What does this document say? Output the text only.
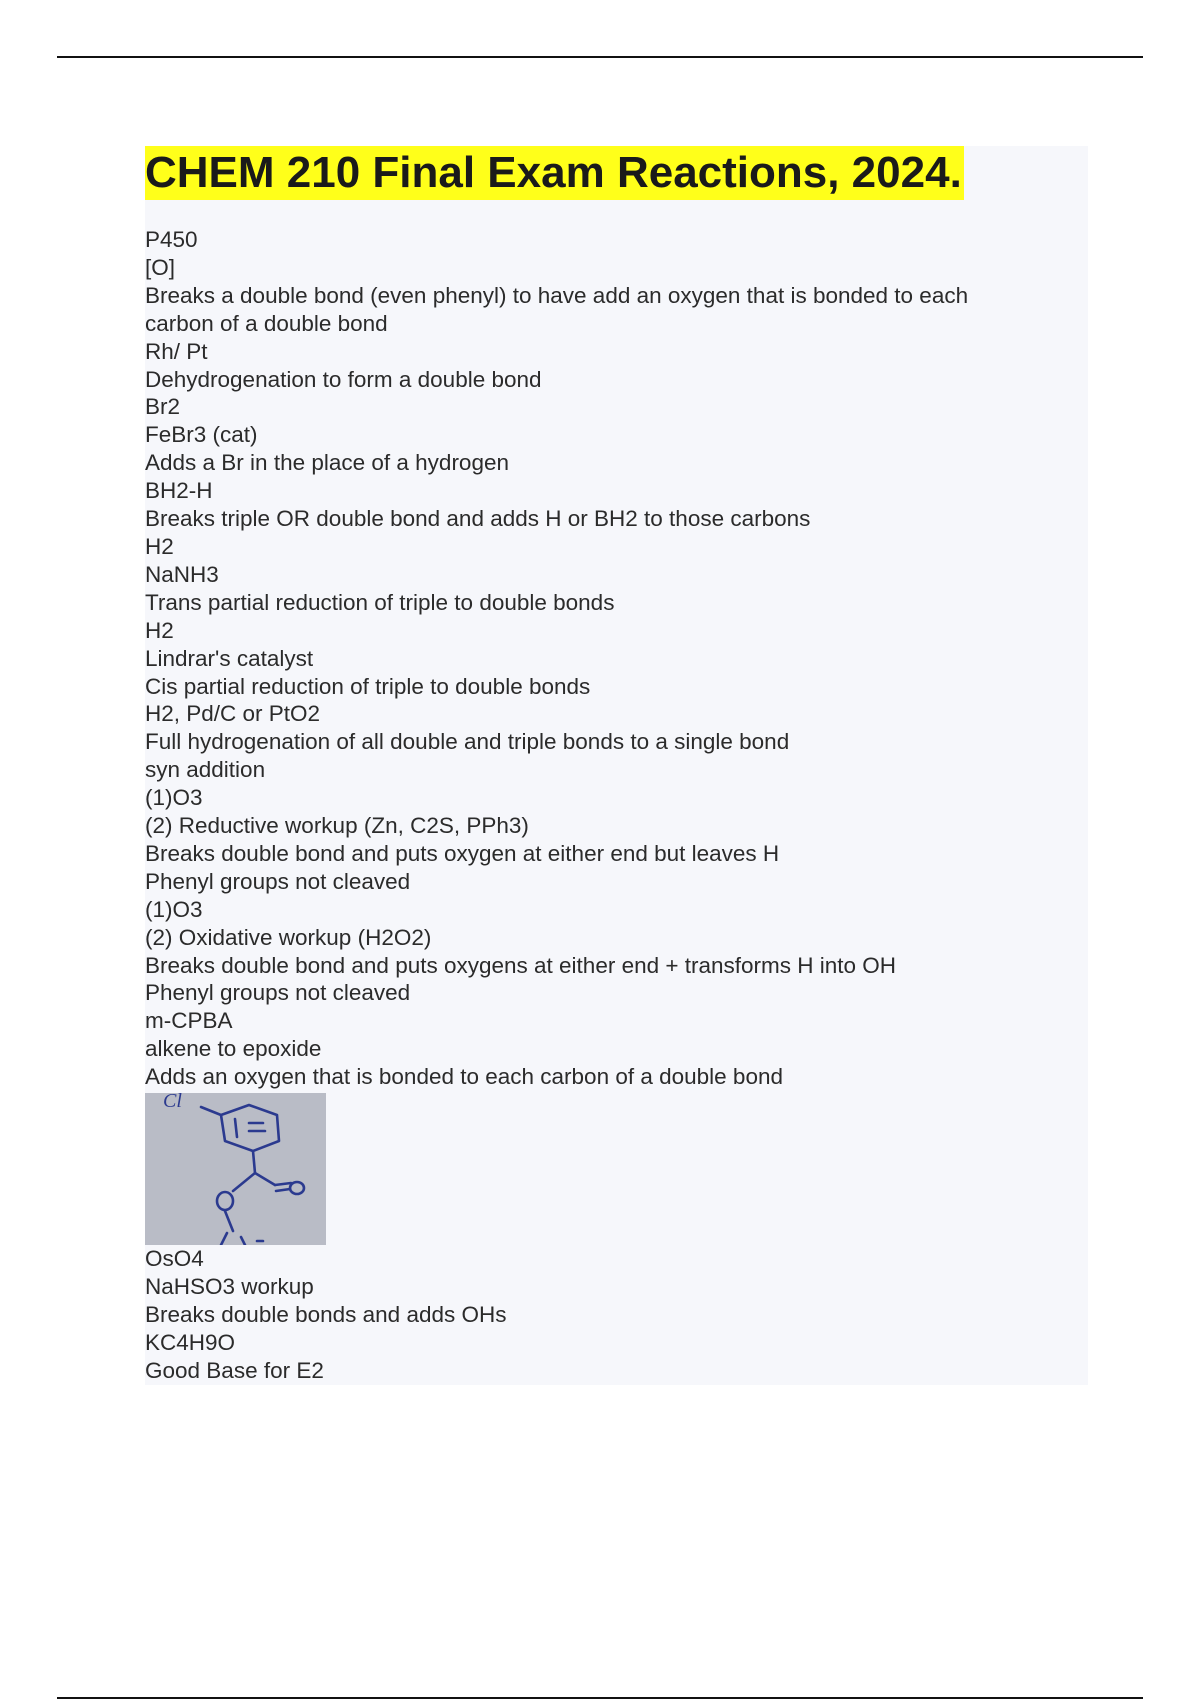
CHEM 210 Final Exam Reactions, 2024.
P450
[O]
Breaks a double bond (even phenyl) to have add an oxygen that is bonded to each
carbon of a double bond
Rh/ Pt
Dehydrogenation to form a double bond
Br2
FeBr3 (cat)
Adds a Br in the place of a hydrogen
BH2-H
Breaks triple OR double bond and adds H or BH2 to those carbons
H2
NaNH3
Trans partial reduction of triple to double bonds
H2
Lindrar's catalyst
Cis partial reduction of triple to double bonds
H2, Pd/C or PtO2
Full hydrogenation of all double and triple bonds to a single bond
syn addition
(1)O3
(2) Reductive workup (Zn, C2S, PPh3)
Breaks double bond and puts oxygen at either end but leaves H
Phenyl groups not cleaved
(1)O3
(2) Oxidative workup (H2O2)
Breaks double bond and puts oxygens at either end + transforms H into OH
Phenyl groups not cleaved
m-CPBA
alkene to epoxide
Adds an oxygen that is bonded to each carbon of a double bond
Cl
OsO4
NaHSO3 workup
Breaks double bonds and adds OHs
KC4H9O
Good Base for E2
